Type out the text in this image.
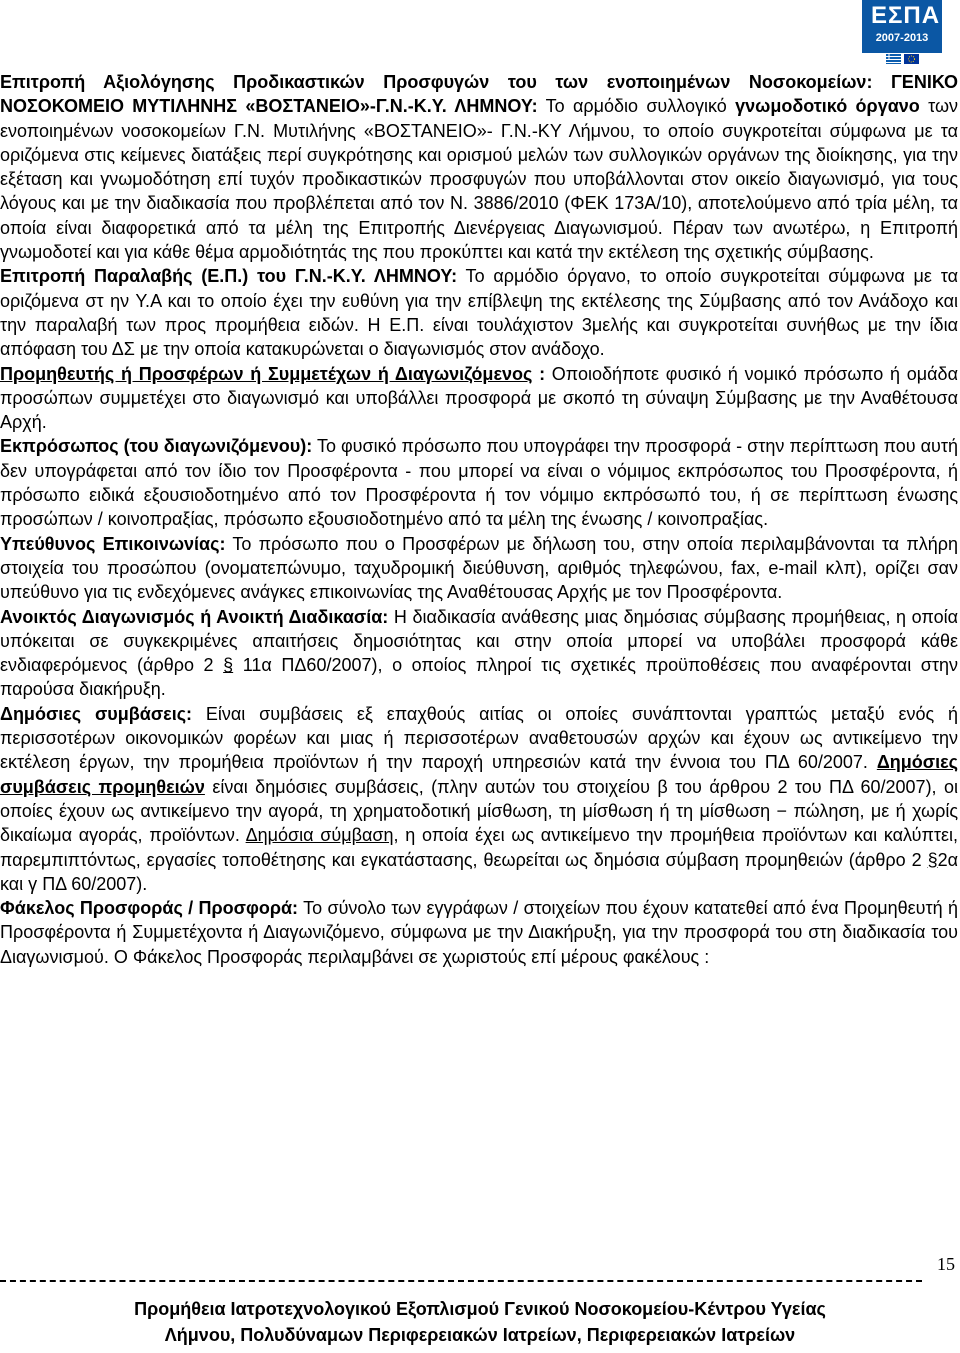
ΕΣΠΑ
2007-2013

Επιτροπή Αξιολόγησης Προδικαστικών Προσφυγών του των ενοποιημένων Νοσοκομείων: ΓΕΝΙΚΟ ΝΟΣΟΚΟΜΕΙΟ ΜΥΤΙΛΗΝΗΣ «ΒΟΣΤΑΝΕΙΟ»-Γ.Ν.-Κ.Υ. ΛΗΜΝΟΥ: Το αρμόδιο συλλογικό γνωμοδοτικό όργανο των ενοποιημένων νοσοκομείων Γ.Ν. Μυτιλήνης «ΒΟΣΤΑΝΕΙΟ»- Γ.Ν.-ΚΥ Λήμνου, το οποίο συγκροτείται σύμφωνα με τα οριζόμενα στις κείμενες διατάξεις περί συγκρότησης και ορισμού μελών των συλλογικών οργάνων της διοίκησης, για την εξέταση και γνωμοδότηση επί τυχόν προδικαστικών προσφυγών που υποβάλλονται στον οικείο διαγωνισμό, για τους λόγους και με την διαδικασία που προβλέπεται από τον Ν. 3886/2010 (ΦΕΚ 173Α/10), αποτελούμενο από τρία μέλη, τα οποία είναι διαφορετικά από τα μέλη της Επιτροπής Διενέργειας Διαγωνισμού. Πέραν των ανωτέρω, η Επιτροπή γνωμοδοτεί και για κάθε θέμα αρμοδιότητάς της που προκύπτει και κατά την εκτέλεση της σχετικής σύμβασης.

Επιτροπή Παραλαβής (Ε.Π.) του Γ.Ν.-Κ.Υ. ΛΗΜΝΟΥ: Το αρμόδιο όργανο, το οποίο συγκροτείται σύμφωνα με τα οριζόμενα στ ην Υ.Α και το οποίο έχει την ευθύνη για την επίβλεψη της εκτέλεσης της Σύμβασης από τον Ανάδοχο και την παραλαβή των προς προμήθεια ειδών. Η Ε.Π. είναι τουλάχιστον 3μελής και συγκροτείται συνήθως με την ίδια απόφαση του ΔΣ με την οποία κατακυρώνεται ο διαγωνισμός στον ανάδοχο.

Προμηθευτής ή Προσφέρων ή Συμμετέχων ή Διαγωνιζόμενος : Οποιοδήποτε φυσικό ή νομικό πρόσωπο ή ομάδα προσώπων συμμετέχει στο διαγωνισμό και υποβάλλει προσφορά με σκοπό τη σύναψη Σύμβασης με την Αναθέτουσα Αρχή.

Εκπρόσωπος (του διαγωνιζόμενου): Το φυσικό πρόσωπο που υπογράφει την προσφορά - στην περίπτωση που αυτή δεν υπογράφεται από τον ίδιο τον Προσφέροντα - που μπορεί να είναι ο νόμιμος εκπρόσωπος του Προσφέροντα, ή πρόσωπο ειδικά εξουσιοδοτημένο από τον Προσφέροντα ή τον νόμιμο εκπρόσωπό του, ή σε περίπτωση ένωσης προσώπων / κοινοπραξίας, πρόσωπο εξουσιοδοτημένο από τα μέλη της ένωσης / κοινοπραξίας.

Υπεύθυνος Επικοινωνίας: Το πρόσωπο που ο Προσφέρων με δήλωση του, στην οποία περιλαμβάνονται τα πλήρη στοιχεία του προσώπου (ονοματεπώνυμο, ταχυδρομική διεύθυνση, αριθμός τηλεφώνου, fax, e-mail κλπ), ορίζει σαν υπεύθυνο για τις ενδεχόμενες ανάγκες επικοινωνίας της Αναθέτουσας Αρχής με τον Προσφέροντα.

Ανοικτός Διαγωνισμός ή Ανοικτή Διαδικασία: Η διαδικασία ανάθεσης μιας δημόσιας σύμβασης προμήθειας, η οποία υπόκειται σε συγκεκριμένες απαιτήσεις δημοσιότητας και στην οποία μπορεί να υποβάλει προσφορά κάθε ενδιαφερόμενος (άρθρο 2 § 11α ΠΔ60/2007), ο οποίος πληροί τις σχετικές προϋποθέσεις που αναφέρονται στην παρούσα διακήρυξη.

Δημόσιες συμβάσεις: Είναι συμβάσεις εξ επαχθούς αιτίας οι οποίες συνάπτονται γραπτώς μεταξύ ενός ή περισσοτέρων οικονομικών φορέων και μιας ή περισσοτέρων αναθετουσών αρχών και έχουν ως αντικείμενο την εκτέλεση έργων, την προμήθεια προϊόντων ή την παροχή υπηρεσιών κατά την έννοια του ΠΔ 60/2007. Δημόσιες συμβάσεις προμηθειών είναι δημόσιες συμβάσεις, (πλην αυτών του στοιχείου β του άρθρου 2 του ΠΔ 60/2007), οι οποίες έχουν ως αντικείμενο την αγορά, τη χρηματοδοτική μίσθωση, τη μίσθωση ή τη μίσθωση − πώληση, με ή χωρίς δικαίωμα αγοράς, προϊόντων. Δημόσια σύμβαση, η οποία έχει ως αντικείμενο την προμήθεια προϊόντων και καλύπτει, παρεμπιπτόντως, εργασίες τοποθέτησης και εγκατάστασης, θεωρείται ως δημόσια σύμβαση προμηθειών (άρθρο 2 §2α και γ ΠΔ 60/2007).

Φάκελος Προσφοράς / Προσφορά: Το σύνολο των εγγράφων / στοιχείων που έχουν κατατεθεί από ένα Προμηθευτή ή Προσφέροντα ή Συμμετέχοντα ή Διαγωνιζόμενο, σύμφωνα με την Διακήρυξη, για την προσφορά του στη διαδικασία του Διαγωνισμού. Ο Φάκελος Προσφοράς περιλαμβάνει σε χωριστούς επί μέρους φακέλους :

15
Προμήθεια Ιατροτεχνολογικού Εξοπλισμού Γενικού Νοσοκομείου-Κέντρου Υγείας
Λήμνου, Πολυδύναμων Περιφερειακών Ιατρείων, Περιφερειακών Ιατρείων
